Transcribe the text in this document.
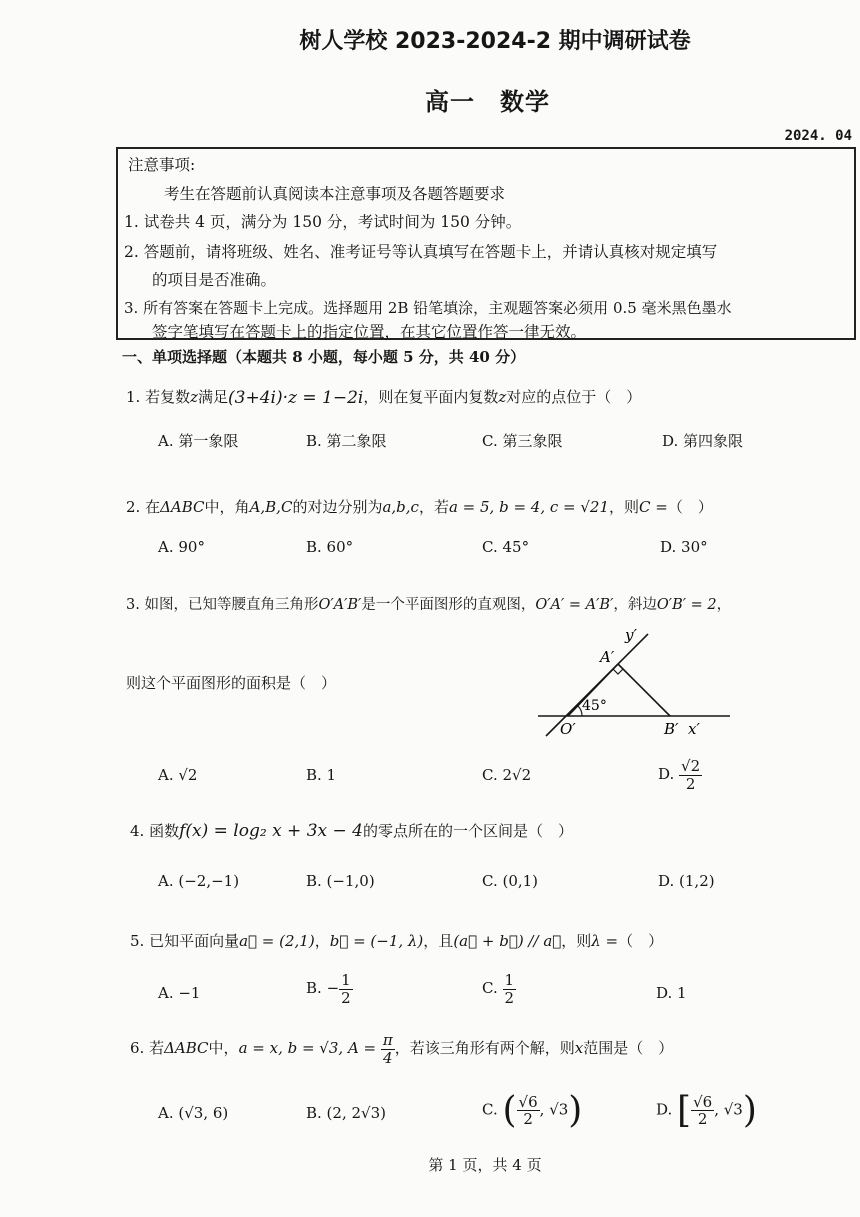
树人学校 2023-2024-2 期中调研试卷
高一　数学
2024. 04
注意事项:
考生在答题前认真阅读本注意事项及各题答题要求
1. 试卷共 4 页，满分为 150 分，考试时间为 150 分钟。
2. 答题前，请将班级、姓名、准考证号等认真填写在答题卡上，并请认真核对规定填写
的项目是否准确。
3. 所有答案在答题卡上完成。选择题用 2B 铅笔填涂，主观题答案必须用 0.5 毫米黑色墨水
签字笔填写在答题卡上的指定位置，在其它位置作答一律无效。
一、单项选择题（本题共 8 小题，每小题 5 分，共 40 分）
1. 若复数z满足(3+4i)·z = 1−2i，则在复平面内复数z对应的点位于（　）
A. 第一象限	B. 第二象限	C. 第三象限	D. 第四象限
2. 在ΔABC中，角A,B,C的对边分别为a,b,c，若a = 5, b = 4, c = √21，则C =（　）
A. 90°	B. 60°	C. 45°	D. 30°
3. 如图，已知等腰直角三角形O′A′B′是一个平面图形的直观图，O′A′ = A′B′，斜边O′B′ = 2，
则这个平面图形的面积是（　）
y′
A′
45°
O′	B′ x′
A. √2	B. 1	C. 2√2	D. $\frac{√2}{2}$
4. 函数f(x) = log₂ x + 3x − 4的零点所在的一个区间是（　）
A. (−2,−1)	B. (−1,0)	C. (0,1)	D. (1,2)
5. 已知平面向量a⃗ = (2,1)，b⃗ = (−1, λ)，且(a⃗ + b⃗) // a⃗，则λ =（　）
A. −1	B. − $\frac{1}{2}$	C. $\frac{1}{2}$	D. 1
6. 若ΔABC中，a = x, b = √3, $A = \frac{\pi}{4}$ ，若该三角形有两个解，则x范围是（　）
A. (√3, 6)	B. (2, 2√3)	C. ( $\frac{√6}{2}$ , √3)	D. [ $\frac{√6}{2}$ , √3)
第 1 页，共 4 页
